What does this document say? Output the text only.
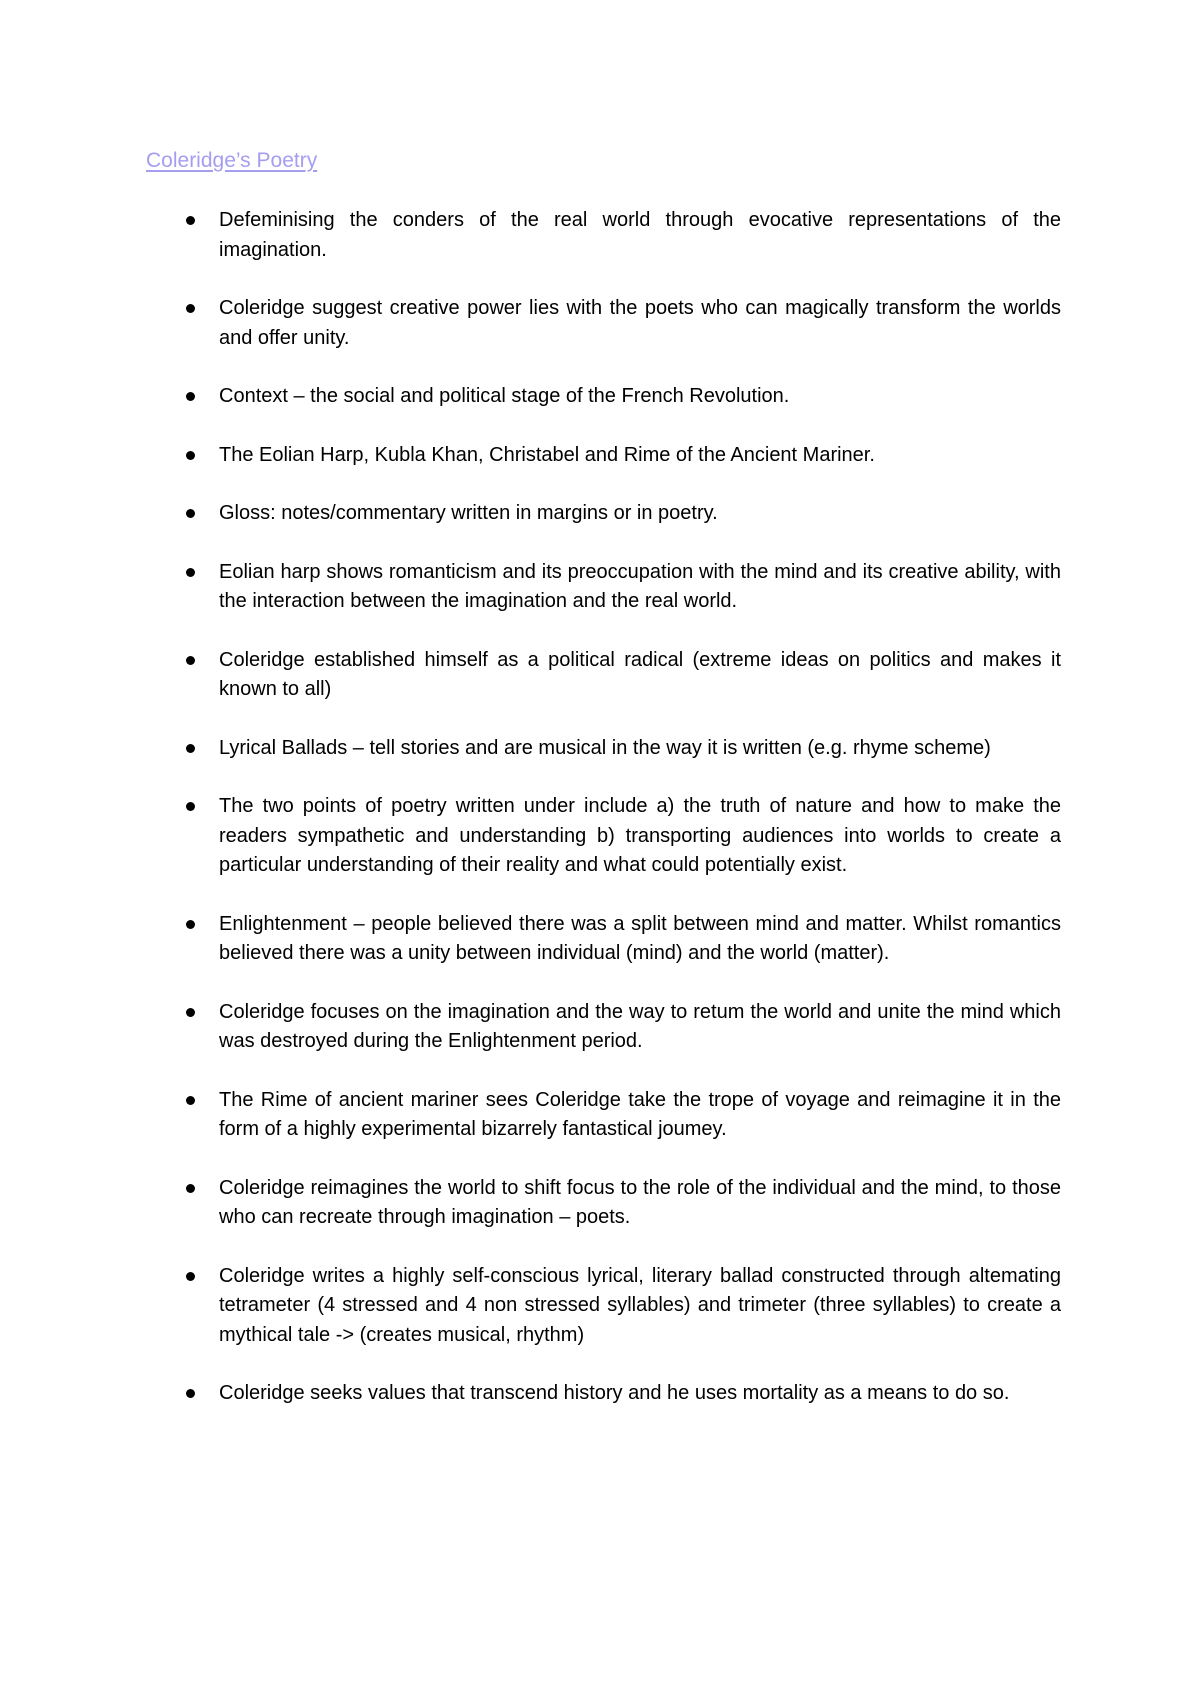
Coleridge’s Poetry
Defeminising the conders of the real world through evocative representations of the imagination.
Coleridge suggest creative power lies with the poets who can magically transform the worlds and offer unity.
Context – the social and political stage of the French Revolution.
The Eolian Harp, Kubla Khan, Christabel and Rime of the Ancient Mariner.
Gloss: notes/commentary written in margins or in poetry.
Eolian harp shows romanticism and its preoccupation with the mind and its creative ability, with the interaction between the imagination and the real world.
Coleridge established himself as a political radical (extreme ideas on politics and makes it known to all)
Lyrical Ballads – tell stories and are musical in the way it is written (e.g. rhyme scheme)
The two points of poetry written under include a) the truth of nature and how to make the readers sympathetic and understanding b) transporting audiences into worlds to create a particular understanding of their reality and what could potentially exist.
Enlightenment – people believed there was a split between mind and matter. Whilst romantics believed there was a unity between individual (mind) and the world (matter).
Coleridge focuses on the imagination and the way to retum the world and unite the mind which was destroyed during the Enlightenment period.
The Rime of ancient mariner sees Coleridge take the trope of voyage and reimagine it in the form of a highly experimental bizarrely fantastical joumey.
Coleridge reimagines the world to shift focus to the role of the individual and the mind, to those who can recreate through imagination – poets.
Coleridge writes a highly self-conscious lyrical, literary ballad constructed through altemating tetrameter (4 stressed and 4 non stressed syllables) and trimeter (three syllables) to create a mythical tale -> (creates musical, rhythm)
Coleridge seeks values that transcend history and he uses mortality as a means to do so.
